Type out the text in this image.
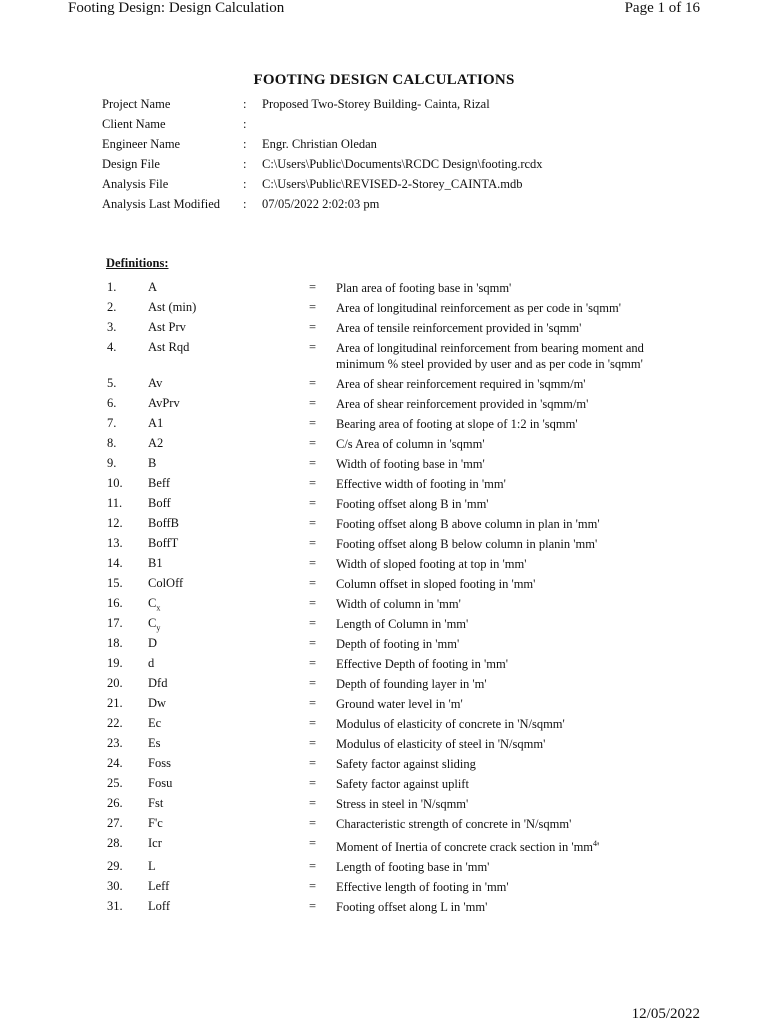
Footing Design: Design Calculation	Page 1 of 16
FOOTING DESIGN CALCULATIONS
Project Name	: Proposed Two-Storey Building- Cainta, Rizal
Client Name	:
Engineer Name	: Engr. Christian Oledan
Design File	: C:\Users\Public\Documents\RCDC Design\footing.rcdx
Analysis File	: C:\Users\Public\REVISED-2-Storey_CAINTA.mdb
Analysis Last Modified : 07/05/2022 2:02:03 pm
Definitions:
1.	A	= Plan area of footing base in 'sqmm'
2.	Ast (min)	= Area of longitudinal reinforcement as per code in 'sqmm'
3.	Ast Prv	= Area of tensile reinforcement provided in 'sqmm'
4.	Ast Rqd	= Area of longitudinal reinforcement from bearing moment and minimum % steel provided by user and as per code in 'sqmm'
5.	Av	= Area of shear reinforcement required in 'sqmm/m'
6.	AvPrv	= Area of shear reinforcement provided in 'sqmm/m'
7.	A1	= Bearing area of footing at slope of 1:2 in 'sqmm'
8.	A2	= C/s Area of column in 'sqmm'
9.	B	= Width of footing base in 'mm'
10. Beff	= Effective width of footing in 'mm'
11. Boff	= Footing offset along B in 'mm'
12. BoffB	= Footing offset along B above column in plan in 'mm'
13. BoffT	= Footing offset along B below column in planin 'mm'
14. B1	= Width of sloped footing at top in 'mm'
15. ColOff	= Column offset in sloped footing in 'mm'
16. $C_x$	= Width of column in 'mm'
17. $C_y$	= Length of Column in 'mm'
18. D	= Depth of footing in 'mm'
19. d	= Effective Depth of footing in 'mm'
20. Dfd	= Depth of founding layer in 'm'
21. Dw	= Ground water level in 'm'
22. Ec	= Modulus of elasticity of concrete in 'N/sqmm'
23. Es	= Modulus of elasticity of steel in 'N/sqmm'
24. Foss	= Safety factor against sliding
25. Fosu	= Safety factor against uplift
26. Fst	= Stress in steel in 'N/sqmm'
27. F'c	= Characteristic strength of concrete in 'N/sqmm'
28. Icr	= Moment of Inertia of concrete crack section in '$mm^4$'
29. L	= Length of footing base in 'mm'
30. Leff	= Effective length of footing in 'mm'
31. Loff	= Footing offset along L in 'mm'
12/05/2022
